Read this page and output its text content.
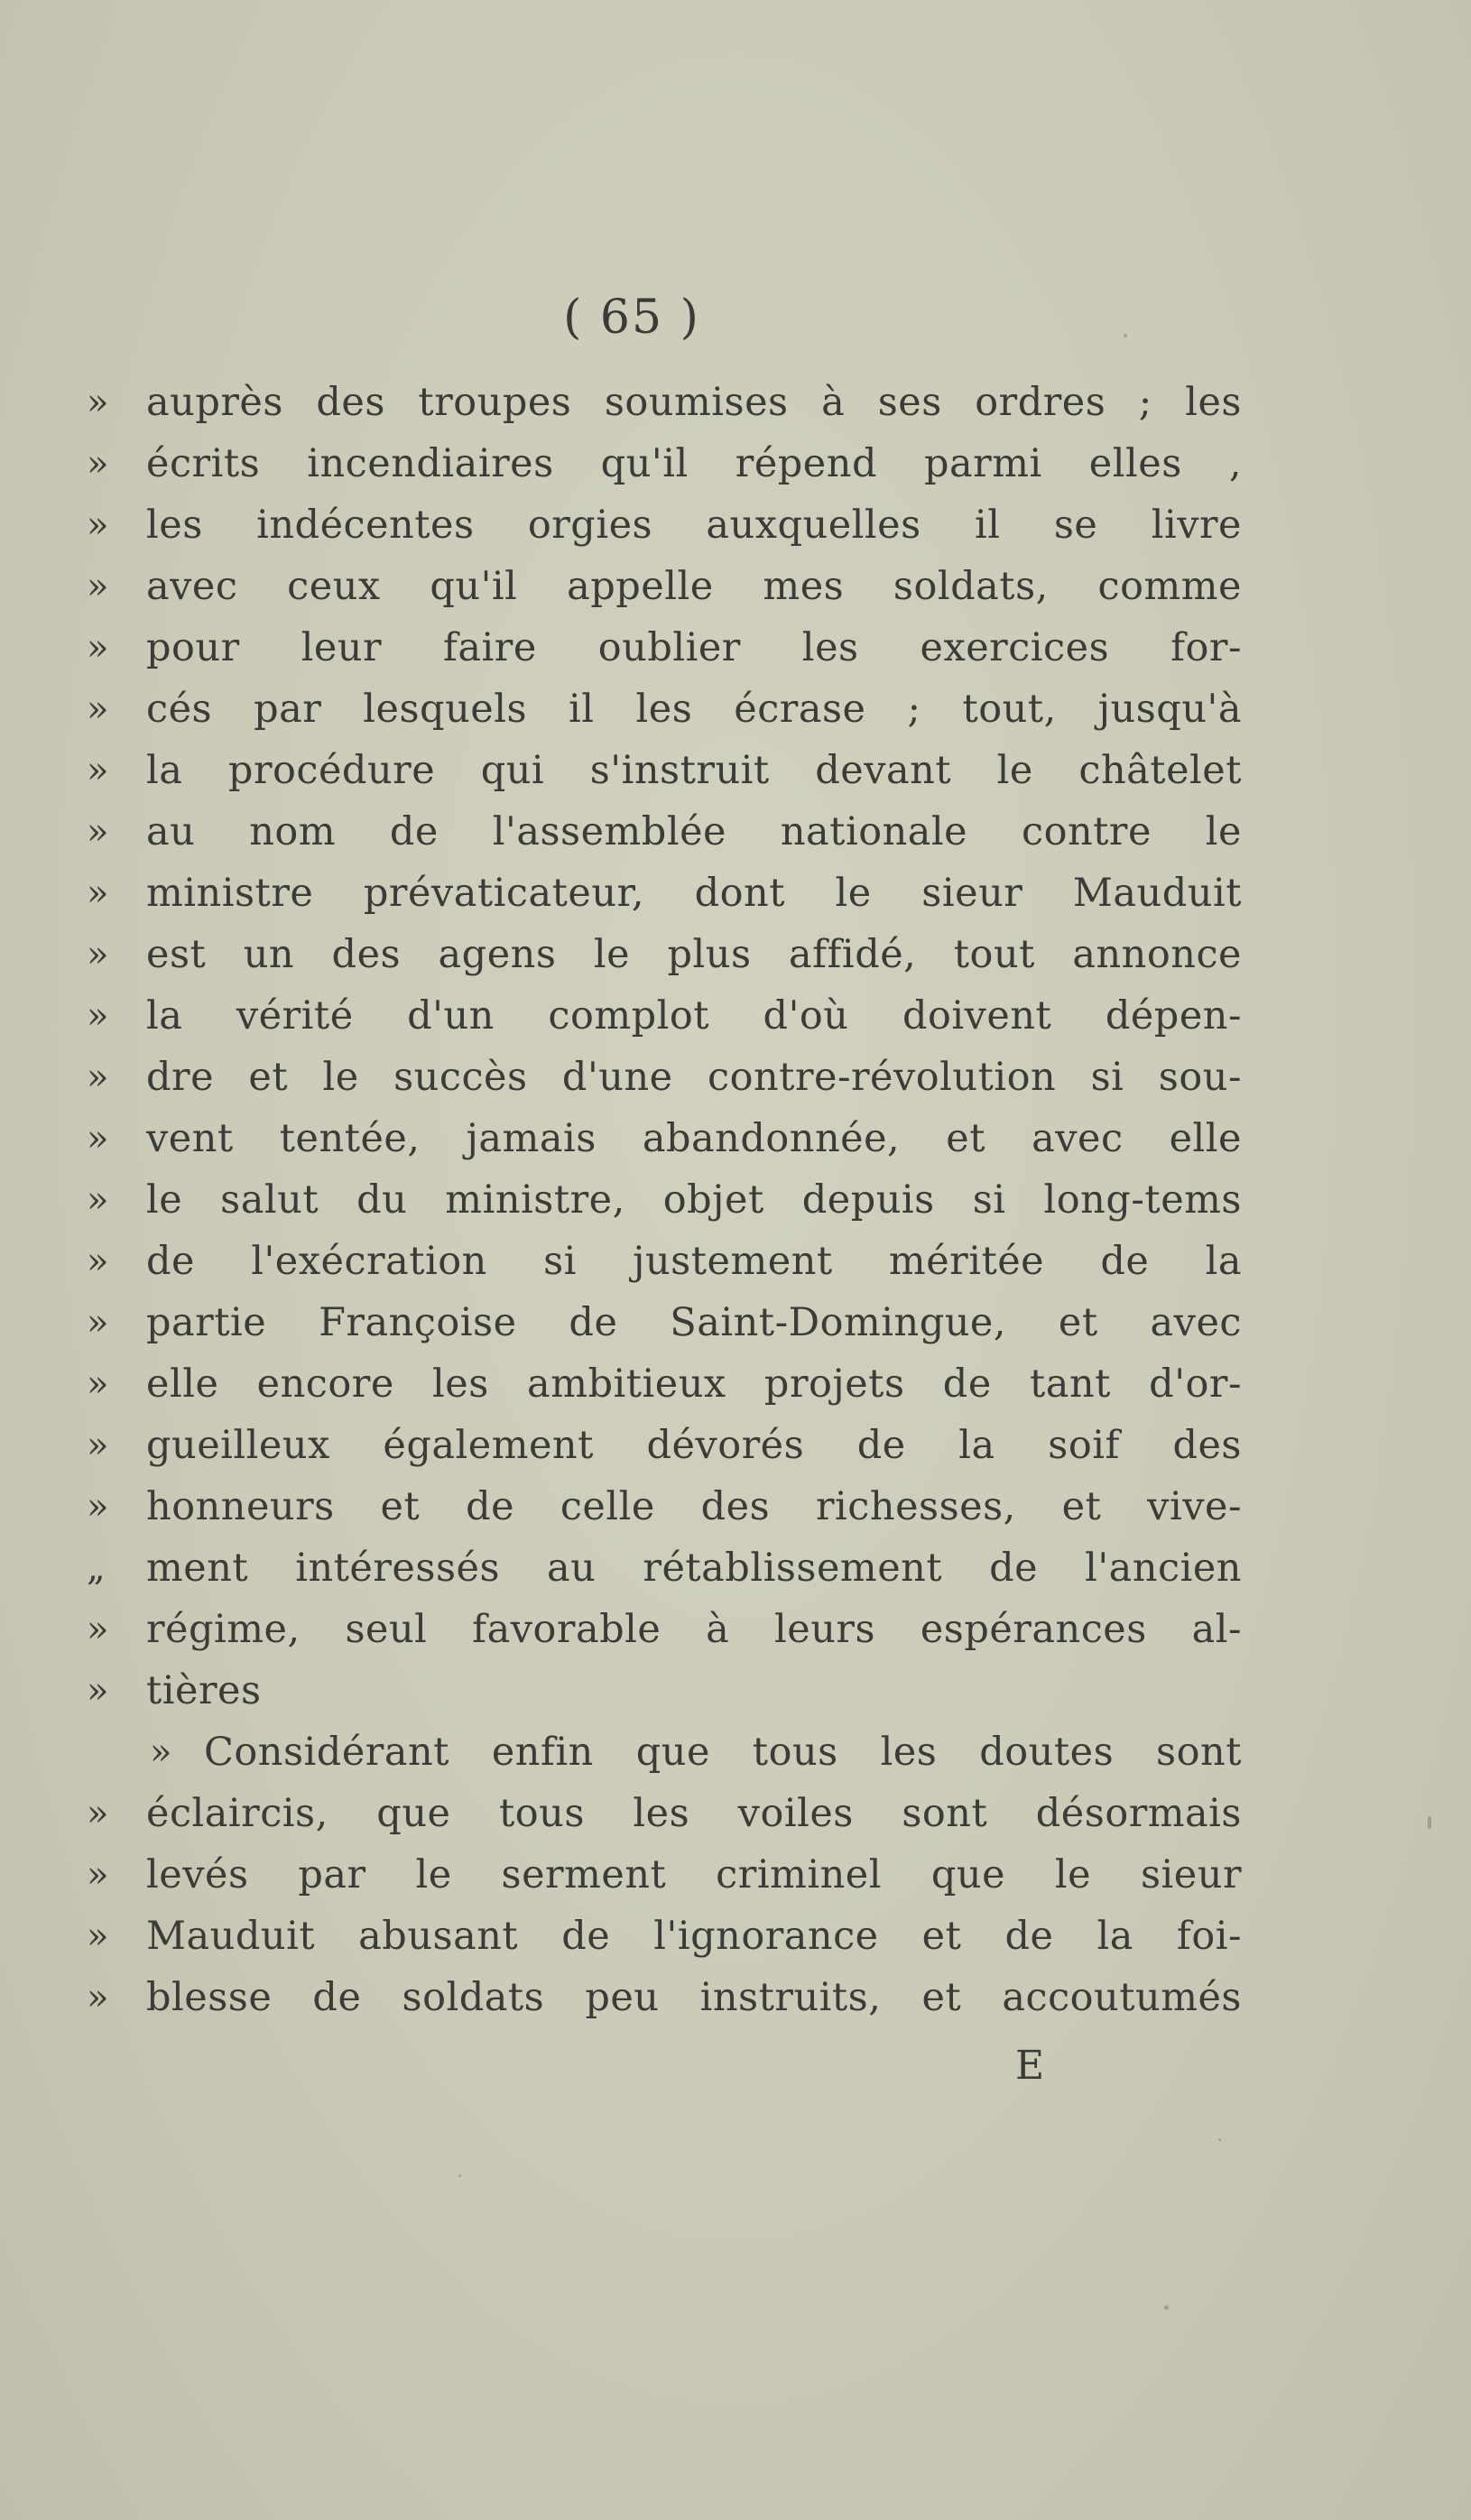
( 65 )
» auprès des troupes soumises à ses ordres ; les
» écrits incendiaires qu'il répend parmi elles ,
» les indécentes orgies auxquelles il se livre
» avec ceux qu'il appelle mes soldats, comme
» pour leur faire oublier les exercices for-
» cés par lesquels il les écrase ; tout, jusqu'à
» la procédure qui s'instruit devant le châtelet
» au nom de l'assemblée nationale contre le
» ministre prévaticateur, dont le sieur Mauduit
» est un des agens le plus affidé, tout annonce
» la vérité d'un complot d'où doivent dépen-
» dre et le succès d'une contre-révolution si sou-
» vent tentée, jamais abandonnée, et avec elle
» le salut du ministre, objet depuis si long-tems
» de l'exécration si justement méritée de la
» partie Françoise de Saint-Domingue, et avec
» elle encore les ambitieux projets de tant d'or-
» gueilleux également dévorés de la soif des
» honneurs et de celle des richesses, et vive-
„	ment intéressés au rétablissement de l'ancien
» régime, seul favorable à leurs espérances al-
» tières
» Considérant enfin que tous les doutes sont
» éclaircis, que tous les voiles sont désormais
» levés par le serment criminel que le sieur
» Mauduit abusant de l'ignorance et de la foi-
» blesse de soldats peu instruits, et accoutumés
E
